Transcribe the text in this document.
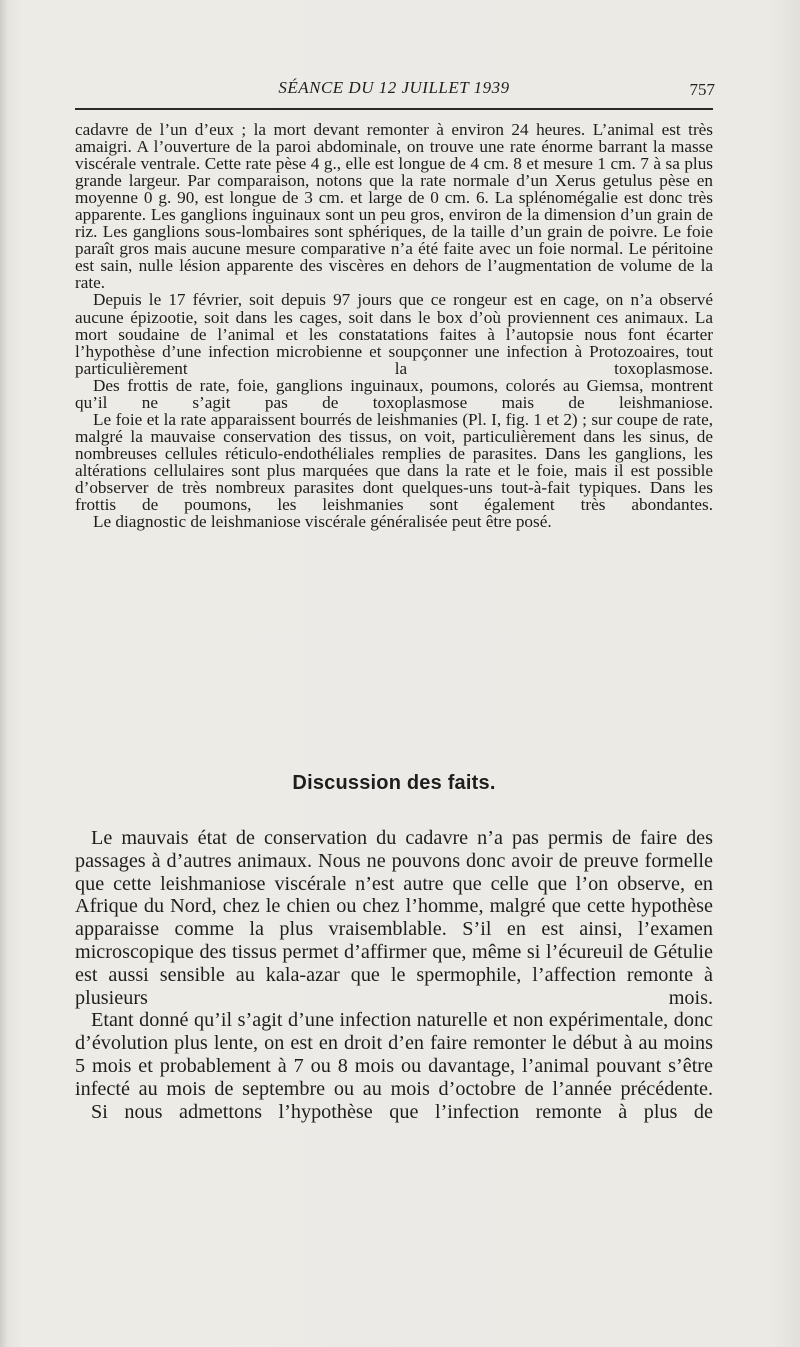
SÉANCE DU 12 JUILLET 1939	757

cadavre de l’un d’eux ; la mort devant remonter à environ 24 heures. L’animal est très amaigri. A l’ouverture de la paroi abdominale, on trouve une rate énorme barrant la masse viscérale ventrale. Cette rate pèse 4 g., elle est longue de 4 cm. 8 et mesure 1 cm. 7 à sa plus grande largeur. Par comparaison, notons que la rate normale d’un Xerus getulus pèse en moyenne 0 g. 90, est longue de 3 cm. et large de 0 cm. 6. La splénomégalie est donc très apparente. Les ganglions inguinaux sont un peu gros, environ de la dimension d’un grain de riz. Les ganglions sous-lombaires sont sphériques, de la taille d’un grain de poivre. Le foie paraît gros mais aucune mesure comparative n’a été faite avec un foie normal. Le péritoine est sain, nulle lésion apparente des viscères en dehors de l’augmentation de volume de la rate.

Depuis le 17 février, soit depuis 97 jours que ce rongeur est en cage, on n’a observé aucune épizootie, soit dans les cages, soit dans le box d’où proviennent ces animaux. La mort soudaine de l’animal et les constatations faites à l’autopsie nous font écarter l’hypothèse d’une infection microbienne et soupçonner une infection à Protozoaires, tout particulièrement la toxoplasmose.

Des frottis de rate, foie, ganglions inguinaux, poumons, colorés au Giemsa, montrent qu’il ne s’agit pas de toxoplasmose mais de leishmaniose.

Le foie et la rate apparaissent bourrés de leishmanies (Pl. I, fig. 1 et 2) ; sur coupe de rate, malgré la mauvaise conservation des tissus, on voit, particulièrement dans les sinus, de nombreuses cellules réticulo-endothéliales remplies de parasites. Dans les ganglions, les altérations cellulaires sont plus marquées que dans la rate et le foie, mais il est possible d’observer de très nombreux parasites dont quelques-uns tout-à-fait typiques. Dans les frottis de poumons, les leishmanies sont également très abondantes.

Le diagnostic de leishmaniose viscérale généralisée peut être posé.

Discussion des faits.

Le mauvais état de conservation du cadavre n’a pas permis de faire des passages à d’autres animaux. Nous ne pouvons donc avoir de preuve formelle que cette leishmaniose viscérale n’est autre que celle que l’on observe, en Afrique du Nord, chez le chien ou chez l’homme, malgré que cette hypothèse apparaisse comme la plus vraisemblable. S’il en est ainsi, l’examen microscopique des tissus permet d’affirmer que, même si l’écureuil de Gétulie est aussi sensible au kala-azar que le spermophile, l’affection remonte à plusieurs mois.

Etant donné qu’il s’agit d’une infection naturelle et non expérimentale, donc d’évolution plus lente, on est en droit d’en faire remonter le début à au moins 5 mois et probablement à 7 ou 8 mois ou davantage, l’animal pouvant s’être infecté au mois de septembre ou au mois d’octobre de l’année précédente.

Si nous admettons l’hypothèse que l’infection remonte à plus de
